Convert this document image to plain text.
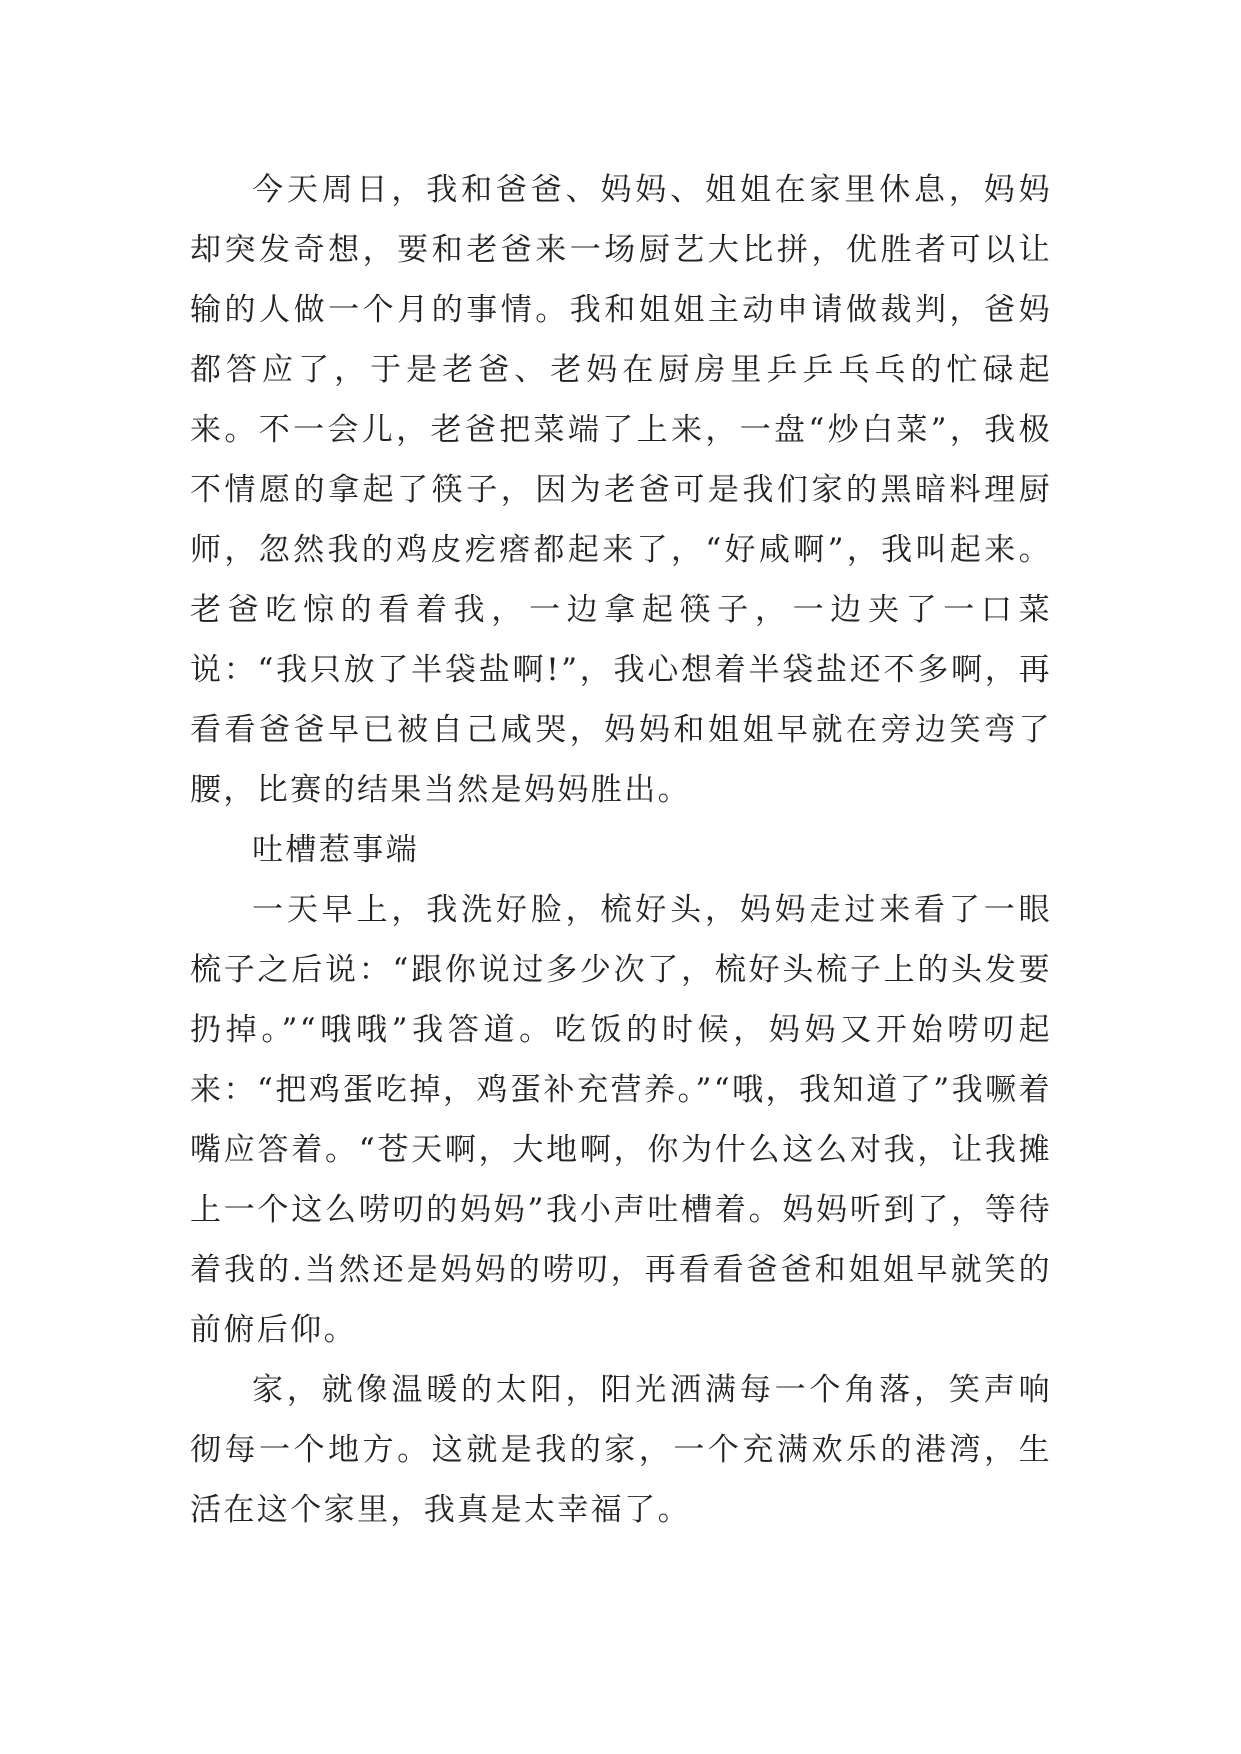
今天周日，我和爸爸、妈妈、姐姐在家里休息，妈妈却突发奇想，要和老爸来一场厨艺大比拼，优胜者可以让输的人做一个月的事情。我和姐姐主动申请做裁判，爸妈都答应了，于是老爸、老妈在厨房里乒乒乓乓的忙碌起来。不一会儿，老爸把菜端了上来，一盘“炒白菜”，我极不情愿的拿起了筷子，因为老爸可是我们家的黑暗料理厨师，忽然我的鸡皮疙瘩都起来了，“好咸啊”，我叫起来。老爸吃惊的看着我，一边拿起筷子，一边夹了一口菜说：“我只放了半袋盐啊!”，我心想着半袋盐还不多啊，再看看爸爸早已被自己咸哭，妈妈和姐姐早就在旁边笑弯了腰，比赛的结果当然是妈妈胜出。

吐槽惹事端

一天早上，我洗好脸，梳好头，妈妈走过来看了一眼梳子之后说：“跟你说过多少次了，梳好头梳子上的头发要扔掉。”“哦哦”我答道。吃饭的时候，妈妈又开始唠叨起来：“把鸡蛋吃掉，鸡蛋补充营养。”“哦，我知道了”我噘着嘴应答着。“苍天啊，大地啊，你为什么这么对我，让我摊上一个这么唠叨的妈妈”我小声吐槽着。妈妈听到了，等待着我的.当然还是妈妈的唠叨，再看看爸爸和姐姐早就笑的前俯后仰。

家，就像温暖的太阳，阳光洒满每一个角落，笑声响彻每一个地方。这就是我的家，一个充满欢乐的港湾，生活在这个家里，我真是太幸福了。
